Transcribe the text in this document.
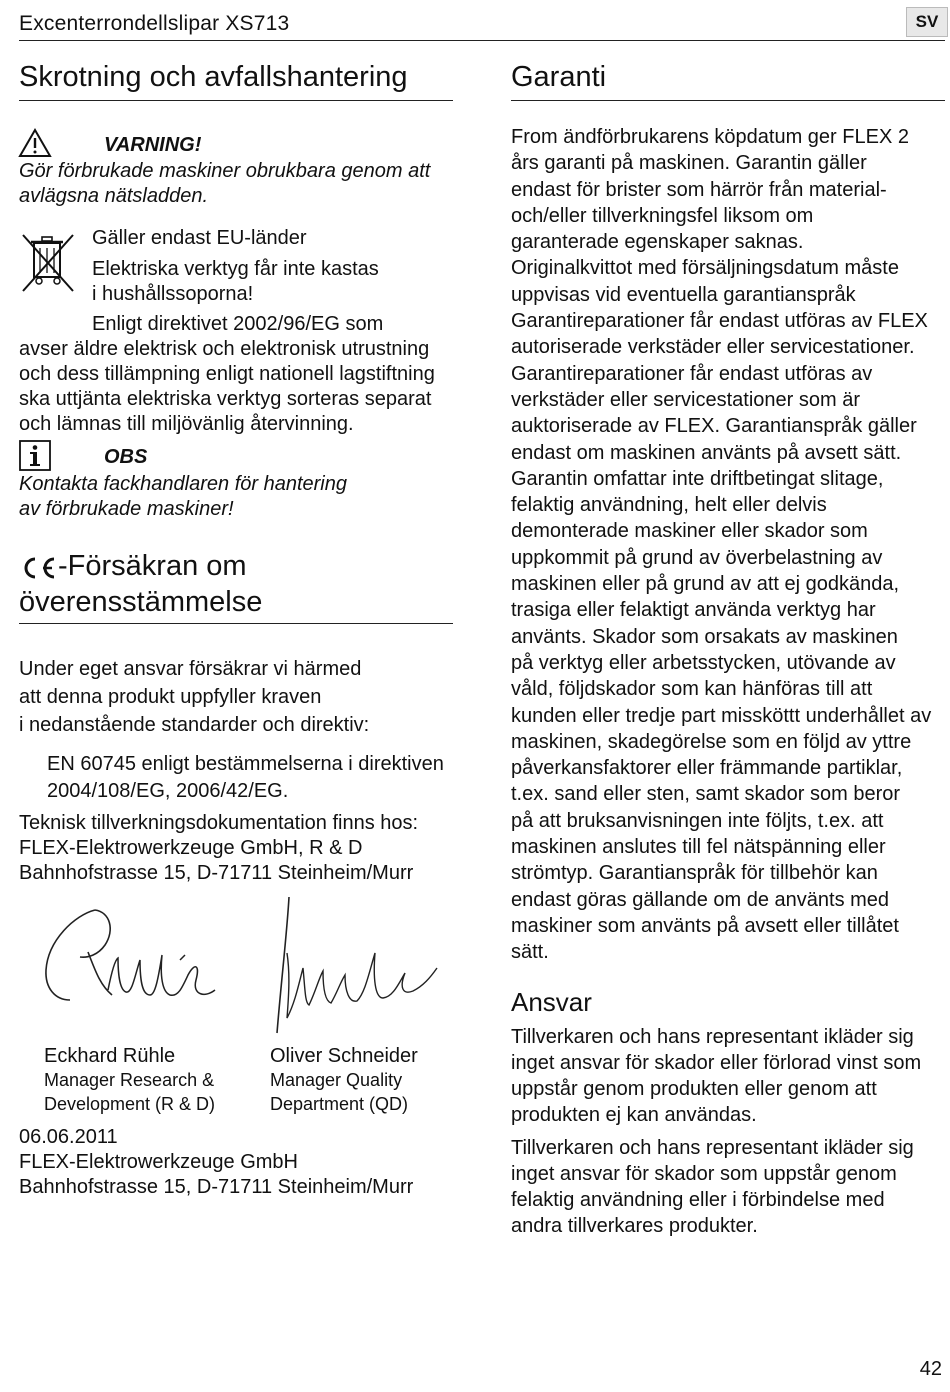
Excenterrondellslipar XS713	SV
Skrotning och avfallshantering
VARNING!
Gör förbrukade maskiner obrukbara genom att
avlägsna nätsladden.
Gäller endast EU-länder
Elektriska verktyg får inte kastas
i hushållssoporna!
Enligt direktivet 2002/96/EG som
avser äldre elektrisk och elektronisk utrustning
och dess tillämpning enligt nationell lagstiftning
ska uttjänta elektriska verktyg sorteras separat
och lämnas till miljövänlig återvinning.
OBS
Kontakta fackhandlaren för hantering
av förbrukade maskiner!
-Försäkran om
överensstämmelse
Under eget ansvar försäkrar vi härmed
att denna produkt uppfyller kraven
i nedanstående standarder och direktiv:
EN 60745 enligt bestämmelserna i direktiven
2004/108/EG, 2006/42/EG.
Teknisk tillverkningsdokumentation finns hos:
FLEX-Elektrowerkzeuge GmbH, R & D
Bahnhofstrasse 15, D-71711 Steinheim/Murr
Eckhard Rühle
Manager Research &
Development (R & D)
Oliver Schneider
Manager Quality
Department (QD)
06.06.2011
FLEX-Elektrowerkzeuge GmbH
Bahnhofstrasse 15, D-71711 Steinheim/Murr
Garanti

From ändförbrukarens köpdatum ger FLEX 2

års garanti på maskinen. Garantin gäller

endast för brister som härrör från material-

och/eller tillverkningsfel liksom om

garanterade egenskaper saknas.

Originalkvittot med försäljningsdatum måste

uppvisas vid eventuella garantianspråk

Garantireparationer får endast utföras av FLEX

autoriserade verkstäder eller servicestationer.

Garantireparationer får endast utföras av

verkstäder eller servicestationer som är

auktoriserade av FLEX. Garantianspråk gäller

endast om maskinen använts på avsett sätt.

Garantin omfattar inte driftbetingat slitage,

felaktig användning, helt eller delvis

demonterade maskiner eller skador som

uppkommit på grund av överbelastning av

maskinen eller på grund av att ej godkända,

trasiga eller felaktigt använda verktyg har

använts. Skador som orsakats av maskinen

på verktyg eller arbetsstycken, utövande av

våld, följdskador som kan hänföras till att

kunden eller tredje part missköttt underhållet av

maskinen, skadegörelse som en följd av yttre

påverkansfaktorer eller främmande partiklar,

t.ex. sand eller sten, samt skador som beror

på att bruksanvisningen inte följts, t.ex. att

maskinen anslutes till fel nätspänning eller

strömtyp. Garantianspråk för tillbehör kan

endast göras gällande om de använts med

maskiner som använts på avsett eller tillåtet

sätt.

Ansvar

Tillverkaren och hans representant ikläder sig

inget ansvar för skador eller förlorad vinst som

uppstår genom produkten eller genom att

produkten ej kan användas.

Tillverkaren och hans representant ikläder sig

inget ansvar för skador som uppstår genom

felaktig användning eller i förbindelse med

andra tillverkares produkter.

42
